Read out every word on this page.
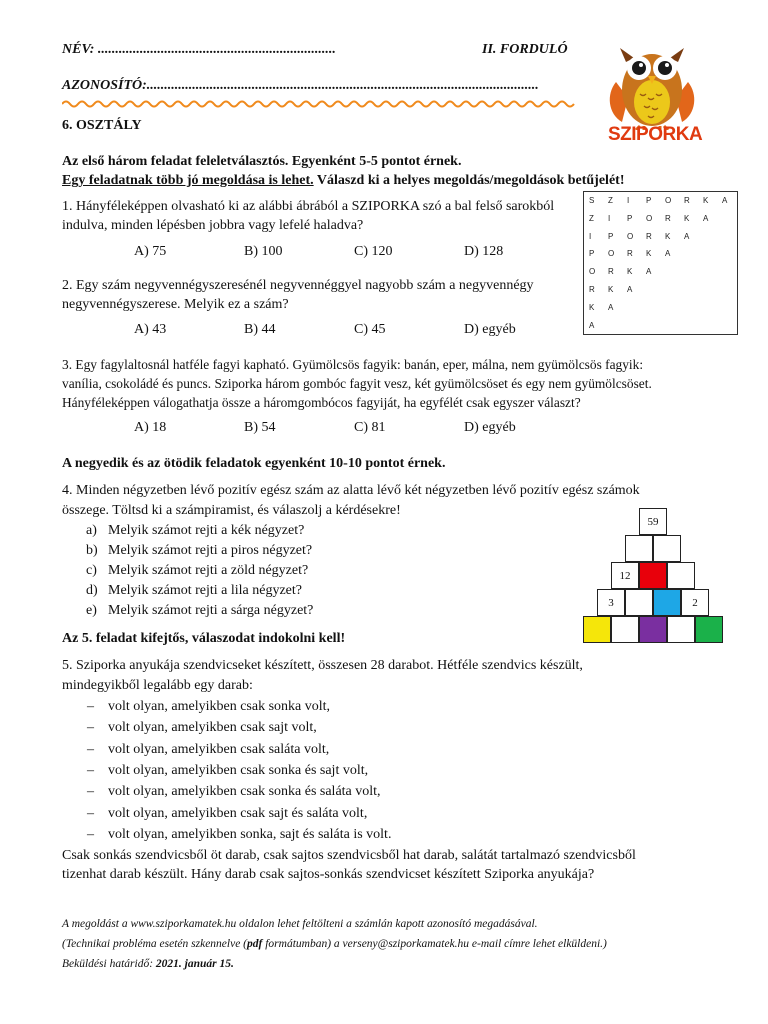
NÉV: ....................................................................	II. FORDULÓ
AZONOSÍTÓ:................................................................................................................
6. OSZTÁLY	SZIPORKA
Az első három feladat feleletválasztós. Egyenként 5-5 pontot érnek.
Egy feladatnak több jó megoldása is lehet. Válaszd ki a helyes megoldás/megoldások betűjelét!
1. Hányféleképpen olvasható ki az alábbi ábrából a SZIPORKA szó a bal felső sarokból
indulva, minden lépésben jobbra vagy lefelé haladva?
A) 75	B) 100	C) 120	D) 128
S Z I P O R K A
Z I P O R K A
I P O R K A
P O R K A
O R K A
R K A
K A
A
2. Egy szám negyvennégyszeresénél negyvennéggyel nagyobb szám a negyvennégy
negyvennégyszerese. Melyik ez a szám?
A) 43	B) 44	C) 45	D) egyéb
3. Egy fagylaltosnál hatféle fagyi kapható. Gyümölcsös fagyik: banán, eper, málna, nem gyümölcsös fagyik:
vanília, csokoládé és puncs. Sziporka három gombóc fagyit vesz, két gyümölcsöset és egy nem gyümölcsöset.
Hányféleképpen válogathatja össze a háromgombócos fagyiját, ha egyfélét csak egyszer választ?
A) 18	B) 54	C) 81	D) egyéb
A negyedik és az ötödik feladatok egyenként 10-10 pontot érnek.
4. Minden négyzetben lévő pozitív egész szám az alatta lévő két négyzetben lévő pozitív egész számok
összege. Töltsd ki a számpiramist, és válaszolj a kérdésekre!
a) Melyik számot rejti a kék négyzet?
b) Melyik számot rejti a piros négyzet?
c) Melyik számot rejti a zöld négyzet?
d) Melyik számot rejti a lila négyzet?
e) Melyik számot rejti a sárga négyzet?
59
12
3	2
Az 5. feladat kifejtős, válaszodat indokolni kell!
5. Sziporka anyukája szendvicseket készített, összesen 28 darabot. Hétféle szendvics készült,
mindegyikből legalább egy darab:
– volt olyan, amelyikben csak sonka volt,
– volt olyan, amelyikben csak sajt volt,
– volt olyan, amelyikben csak saláta volt,
– volt olyan, amelyikben csak sonka és sajt volt,
– volt olyan, amelyikben csak sonka és saláta volt,
– volt olyan, amelyikben csak sajt és saláta volt,
– volt olyan, amelyikben sonka, sajt és saláta is volt.
Csak sonkás szendvicsből öt darab, csak sajtos szendvicsből hat darab, salátát tartalmazó szendvicsből
tizenhat darab készült. Hány darab csak sajtos-sonkás szendvicset készített Sziporka anyukája?
A megoldást a www.sziporkamatek.hu oldalon lehet feltölteni a számlán kapott azonosító megadásával.
(Technikai probléma esetén szkennelve (pdf formátumban) a verseny@sziporkamatek.hu e-mail címre lehet elküldeni.)
Beküldési határidő: 2021. január 15.
